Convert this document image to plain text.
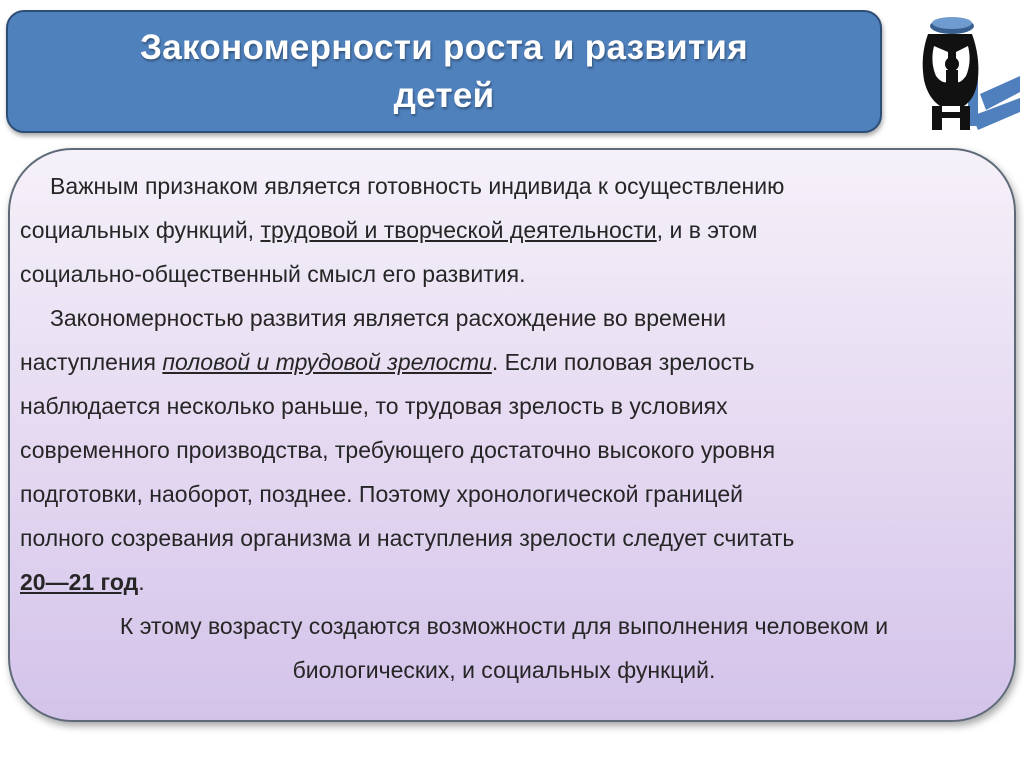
Закономерности роста и развития детей
Важным признаком является готовность индивида к осуществлению
социальных функций, трудовой и творческой деятельности, и в этом
социально-общественный смысл его развития.
Закономерностью развития является расхождение во времени
наступления половой и трудовой зрелости. Если половая зрелость
наблюдается несколько раньше, то трудовая зрелость в условиях
современного производства, требующего достаточно высокого уровня
подготовки, наоборот, позднее. Поэтому хронологической границей
полного созревания организма и наступления зрелости следует считать
20—21 год.
К этому возрасту создаются возможности для выполнения человеком и
биологических, и социальных функций.
